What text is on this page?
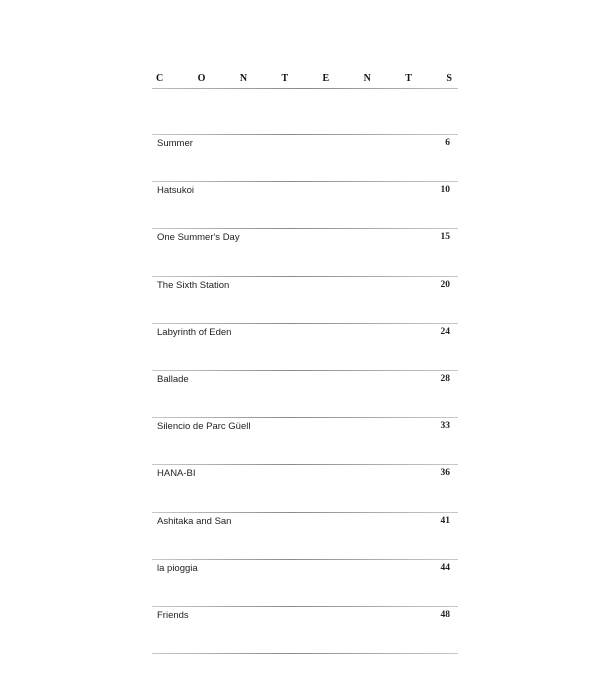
C	O	N	T	E	N	T	S
Summer	6
Hatsukoi	10
One Summer's Day	15
The Sixth Station	20
Labyrinth of Eden	24
Ballade	28
Silencio de Parc Güell	33
HANA-BI	36
Ashitaka and San	41
la pioggia	44
Friends	48
